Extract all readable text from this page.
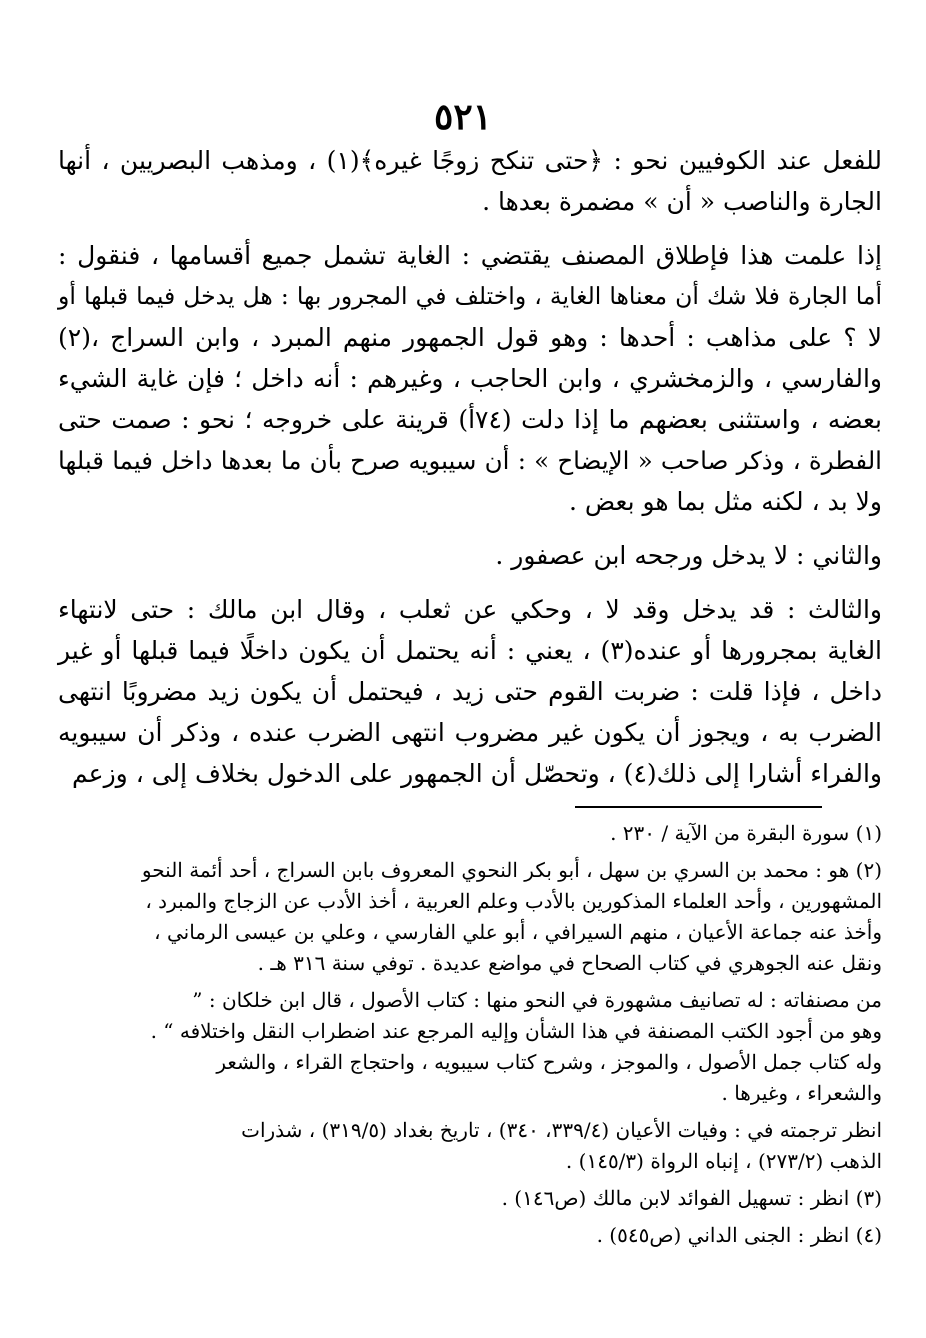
٥٢١
للفعل عند الكوفيين نحو : ﴿حتى تنكح زوجًا غيره﴾(١) ، ومذهب البصريين ، أنها
الجارة والناصب « أن » مضمرة بعدها .
إذا علمت هذا فإطلاق المصنف يقتضي : الغاية تشمل جميع أقسامها ، فنقول :
أما الجارة فلا شك أن معناها الغاية ، واختلف في المجرور بها : هل يدخل فيما قبلها أو
لا ؟ على مذاهب : أحدها : وهو قول الجمهور منهم المبرد ، وابن السراج ،(٢)
والفارسي ، والزمخشري ، وابن الحاجب ، وغيرهم : أنه داخل ؛ فإن غاية الشيء
بعضه ، واستثنى بعضهم ما إذا دلت (٧٤أ) قرينة على خروجه ؛ نحو : صمت حتى
الفطرة ، وذكر صاحب « الإيضاح » : أن سيبويه صرح بأن ما بعدها داخل فيما قبلها
ولا بد ، لكنه مثل بما هو بعض .
والثاني : لا يدخل ورجحه ابن عصفور .
والثالث : قد يدخل وقد لا ، وحكي عن ثعلب ، وقال ابن مالك : حتى لانتهاء
الغاية بمجرورها أو عنده(٣) ، يعني : أنه يحتمل أن يكون داخلًا فيما قبلها أو غير
داخل ، فإذا قلت : ضربت القوم حتى زيد ، فيحتمل أن يكون زيد مضروبًا انتهى
الضرب به ، ويجوز أن يكون غير مضروب انتهى الضرب عنده ، وذكر أن سيبويه
والفراء أشارا إلى ذلك(٤) ، وتحصّل أن الجمهور على الدخول بخلاف إلى ، وزعم
(١) سورة البقرة من الآية / ٢٣٠ .
(٢) هو : محمد بن السري بن سهل ، أبو بكر النحوي المعروف بابن السراج ، أحد أئمة النحو
المشهورين ، وأحد العلماء المذكورين بالأدب وعلم العربية ، أخذ الأدب عن الزجاج والمبرد ،
وأخذ عنه جماعة الأعيان ، منهم السيرافي ، أبو علي الفارسي ، وعلي بن عيسى الرماني ،
ونقل عنه الجوهري في كتاب الصحاح في مواضع عديدة . توفي سنة ٣١٦ هـ .
من مصنفاته : له تصانيف مشهورة في النحو منها : كتاب الأصول ، قال ابن خلكان : ”
وهو من أجود الكتب المصنفة في هذا الشأن وإليه المرجع عند اضطراب النقل واختلافه “ .
وله كتاب جمل الأصول ، والموجز ، وشرح كتاب سيبويه ، واحتجاج القراء ، والشعر
والشعراء ، وغيرها .
انظر ترجمته في : وفيات الأعيان (٣٣٩/٤، ٣٤٠) ، تاريخ بغداد (٣١٩/٥) ، شذرات
الذهب (٢٧٣/٢) ، إنباه الرواة (١٤٥/٣) .
(٣) انظر : تسهيل الفوائد لابن مالك (ص١٤٦) .
(٤) انظر : الجنى الداني (ص٥٤٥) .
